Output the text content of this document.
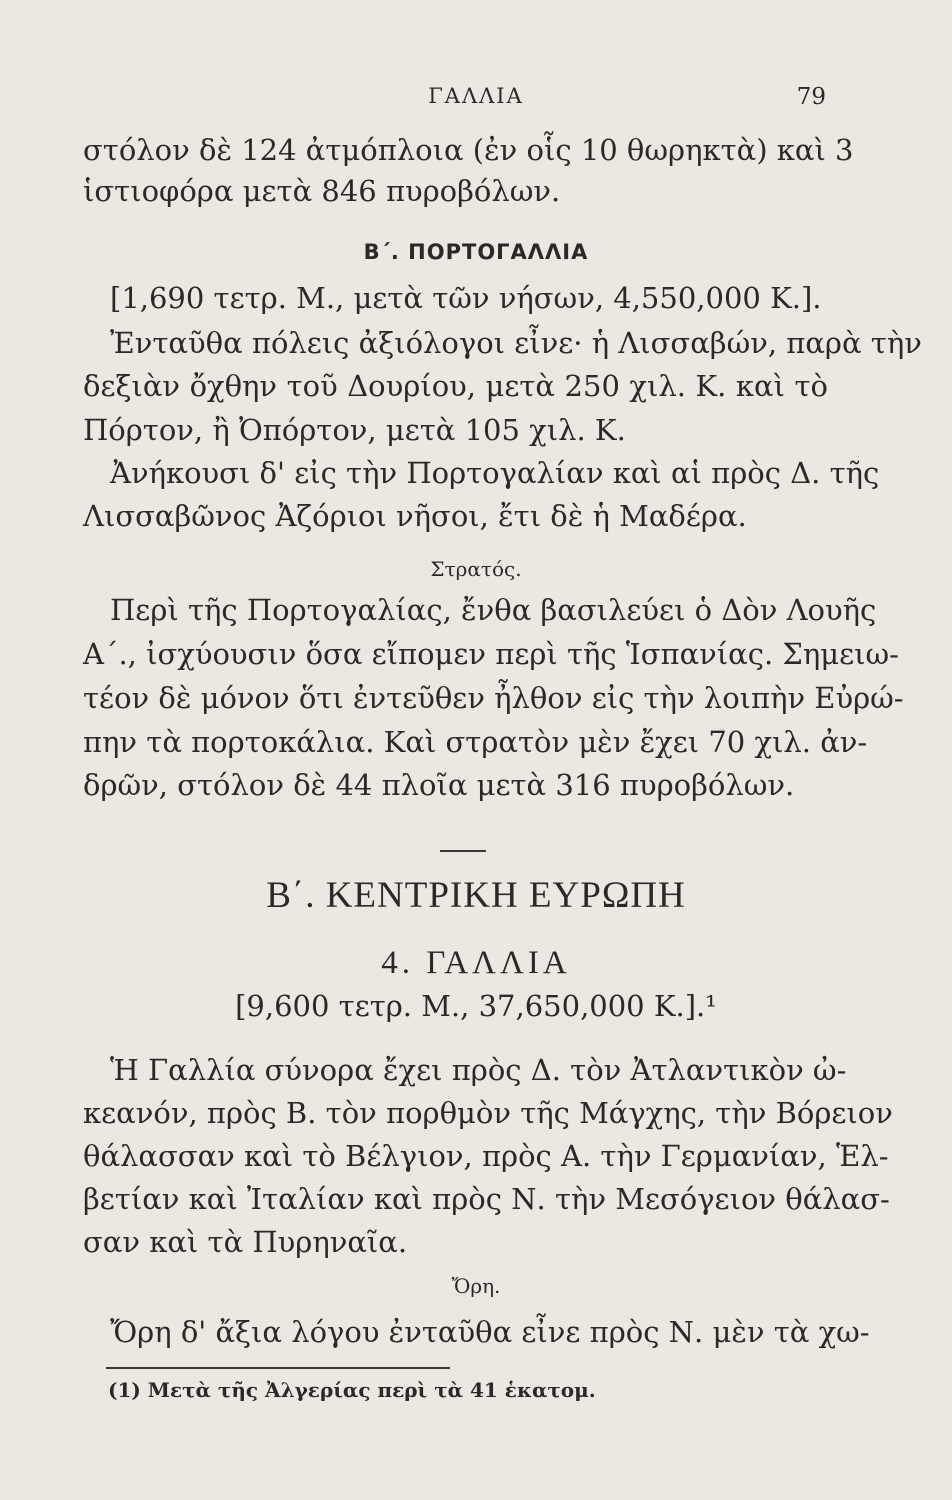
ΓΑΛΛΙΑ	79
στόλον δὲ 124 ἀτμόπλοια (ἐν οἷς 10 θωρηκτὰ) καὶ 3
ἱστιοφόρα μετὰ 846 πυροβόλων.
Β΄. ΠΟΡΤΟΓΑΛΛΙΑ
[1,690 τετρ. Μ., μετὰ τῶν νήσων, 4,550,000 Κ.].
Ἐνταῦθα πόλεις ἀξιόλογοι εἶνε· ἡ Λισσαβών, παρὰ τὴν
δεξιὰν ὄχθην τοῦ Δουρίου, μετὰ 250 χιλ. Κ. καὶ τὸ
Πόρτον, ἢ Ὀπόρτον, μετὰ 105 χιλ. Κ.
Ἀνήκουσι δ' εἰς τὴν Πορτογαλίαν καὶ αἱ πρὸς Δ. τῆς
Λισσαβῶνος Ἀζόριοι νῆσοι, ἔτι δὲ ἡ Μαδέρα.
Στρατός.
Περὶ τῆς Πορτογαλίας, ἔνθα βασιλεύει ὁ Δὸν Λουῆς
Α΄., ἰσχύουσιν ὅσα εἴπομεν περὶ τῆς Ἱσπανίας. Σημειω-
τέον δὲ μόνον ὅτι ἐντεῦθεν ἦλθον εἰς τὴν λοιπὴν Εὐρώ-
πην τὰ πορτοκάλια. Καὶ στρατὸν μὲν ἔχει 70 χιλ. ἀν-
δρῶν, στόλον δὲ 44 πλοῖα μετὰ 316 πυροβόλων.
Β΄. ΚΕΝΤΡΙΚΗ ΕΥΡΩΠΗ
4. ΓΑΛΛΙΑ
[9,600 τετρ. Μ., 37,650,000 Κ.].¹
Ἡ Γαλλία σύνορα ἔχει πρὸς Δ. τὸν Ἀτλαντικὸν ὠ-
κεανόν, πρὸς Β. τὸν πορθμὸν τῆς Μάγχης, τὴν Βόρειον
θάλασσαν καὶ τὸ Βέλγιον, πρὸς Α. τὴν Γερμανίαν, Ἑλ-
βετίαν καὶ Ἰταλίαν καὶ πρὸς Ν. τὴν Μεσόγειον θάλασ-
σαν καὶ τὰ Πυρηναῖα.
Ὄρη.
Ὄρη δ' ἄξια λόγου ἐνταῦθα εἶνε πρὸς Ν. μὲν τὰ χω-
(1) Μετὰ τῆς Ἀλγερίας περὶ τὰ 41 ἑκατομ.
